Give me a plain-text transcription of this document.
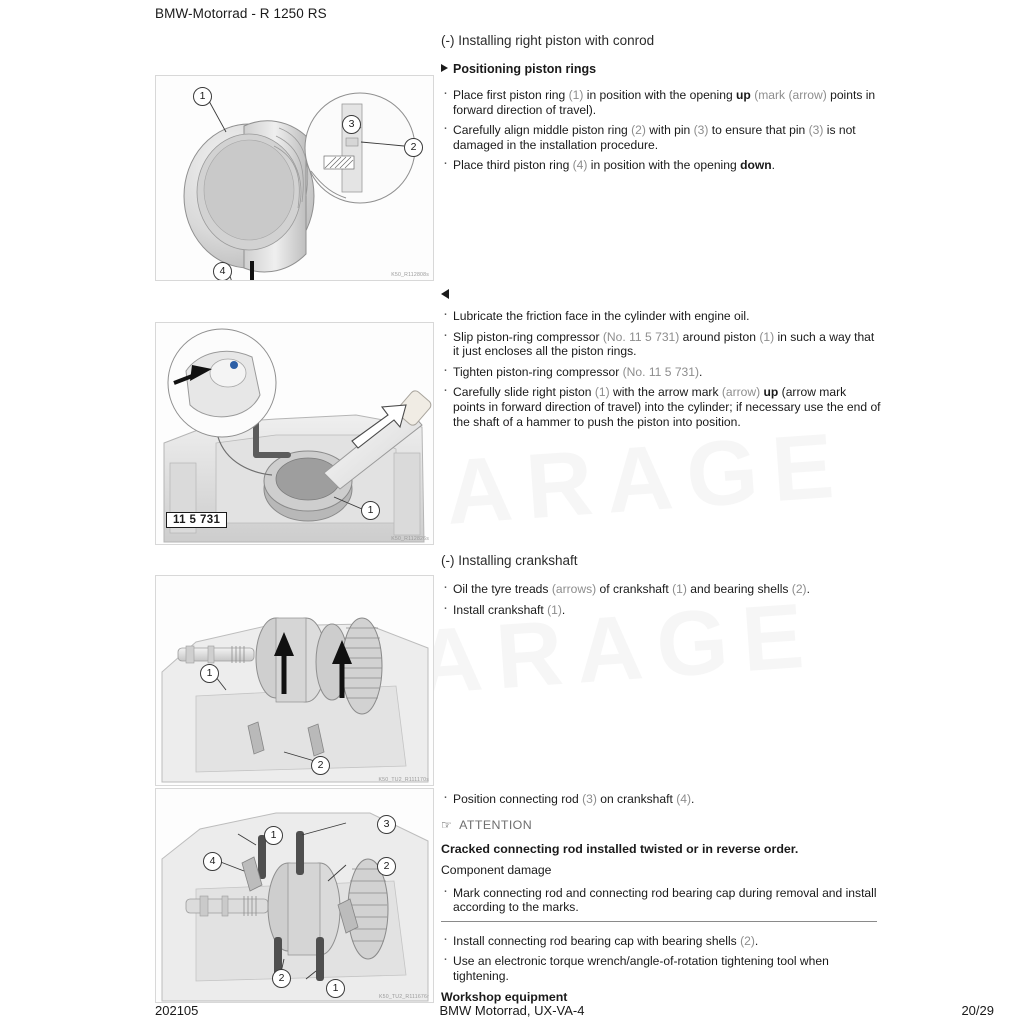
BMW-Motorrad - R 1250 RS
(-) Installing right piston with conrod
Positioning piston rings
· Place first piston ring (1) in position with the opening up (mark (arrow) points in forward direction of travel).
· Carefully align middle piston ring (2) with pin (3) to ensure that pin (3) is not damaged in the installation procedure.
· Place third piston ring (4) in position with the opening down.
1
3
2
4	K50_R112808s
· Lubricate the friction face in the cylinder with engine oil.
· Slip piston-ring compressor (No. 11 5 731) around piston (1) in such a way that it just encloses all the piston rings.
· Tighten piston-ring compressor (No. 11 5 731).
· Carefully slide right piston (1) with the arrow mark (arrow) up (arrow mark points in forward direction of travel) into the cylinder; if necessary use the end of the shaft of a hammer to push the piston into position.
1
11 5 731
K50_R112826s
(-) Installing crankshaft
· Oil the tyre treads (arrows) of crankshaft (1) and bearing shells (2).
· Install crankshaft (1).
1
2
K50_TU2_R111170s
· Position connecting rod (3) on crankshaft (4).
☞ ATTENTION
Cracked connecting rod installed twisted or in reverse order.
Component damage
· Mark connecting rod and connecting rod bearing cap during removal and install according to the marks.
· Install connecting rod bearing cap with bearing shells (2).
· Use an electronic torque wrench/angle-of-rotation tightening tool when tightening.
Workshop equipment
1
3
4	2
2
1
K50_TU2_R111676r
202105	BMW Motorrad, UX-VA-4	20/29
